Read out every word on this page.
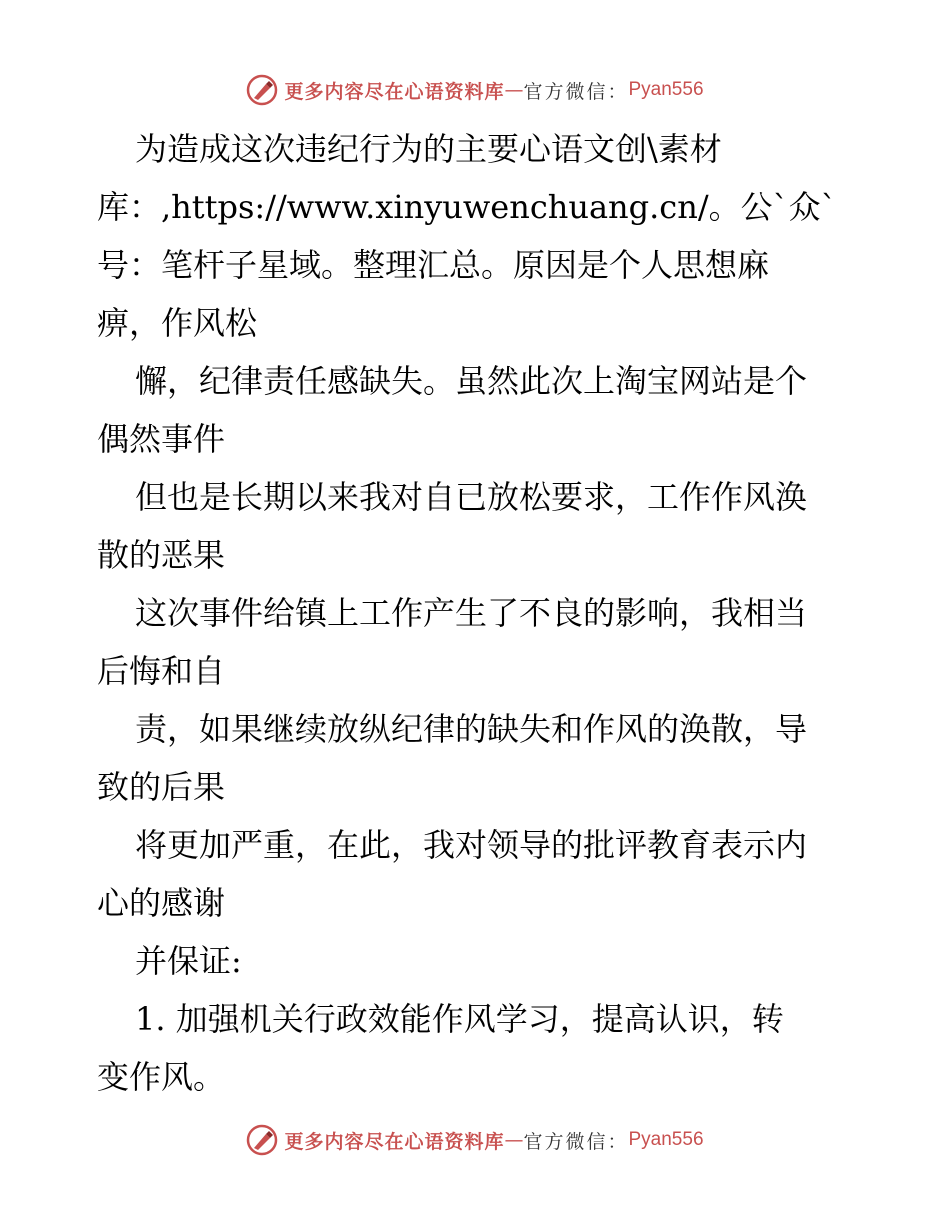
更多内容尽在心语资料库 — 官方微信： Pyan556
为造成这次违纪行为的主要心语文创\素材
库：,https://www.xinyuwenchuang.cn/。公`众`
号：笔杆子星域。整理汇总。原因是个人思想麻
痹，作风松
懈，纪律责任感缺失。虽然此次上淘宝网站是个
偶然事件
但也是长期以来我对自已放松要求，工作作风涣
散的恶果
这次事件给镇上工作产生了不良的影响，我相当
后悔和自
责，如果继续放纵纪律的缺失和作风的涣散，导
致的后果
将更加严重，在此，我对领导的批评教育表示内
心的感谢
并保证:
1. 加强机关行政效能作风学习，提高认识，转
变作风。
更多内容尽在心语资料库 — 官方微信： Pyan556
